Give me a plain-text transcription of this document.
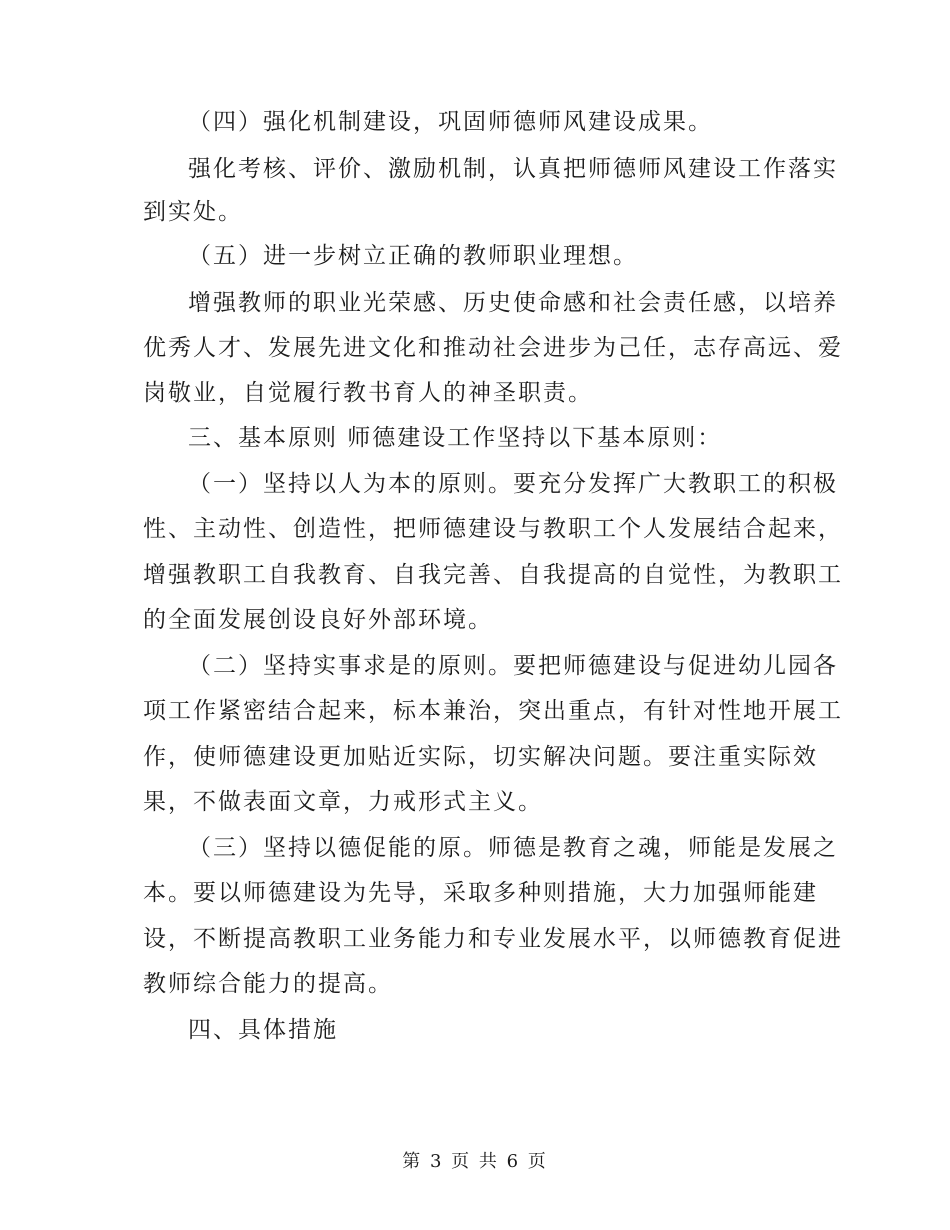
（四）强化机制建设，巩固师德师风建设成果。
强化考核、评价、激励机制，认真把师德师风建设工作落实
到实处。
（五）进一步树立正确的教师职业理想。
增强教师的职业光荣感、历史使命感和社会责任感，以培养
优秀人才、发展先进文化和推动社会进步为己任，志存高远、爱
岗敬业，自觉履行教书育人的神圣职责。
三、基本原则 师德建设工作坚持以下基本原则：
（一）坚持以人为本的原则。要充分发挥广大教职工的积极
性、主动性、创造性，把师德建设与教职工个人发展结合起来，
增强教职工自我教育、自我完善、自我提高的自觉性，为教职工
的全面发展创设良好外部环境。
（二）坚持实事求是的原则。要把师德建设与促进幼儿园各
项工作紧密结合起来，标本兼治，突出重点，有针对性地开展工
作，使师德建设更加贴近实际，切实解决问题。要注重实际效
果，不做表面文章，力戒形式主义。
（三）坚持以德促能的原。师德是教育之魂，师能是发展之
本。要以师德建设为先导，采取多种则措施，大力加强师能建
设，不断提高教职工业务能力和专业发展水平，以师德教育促进
教师综合能力的提高。
四、具体措施
第 3 页 共 6 页
